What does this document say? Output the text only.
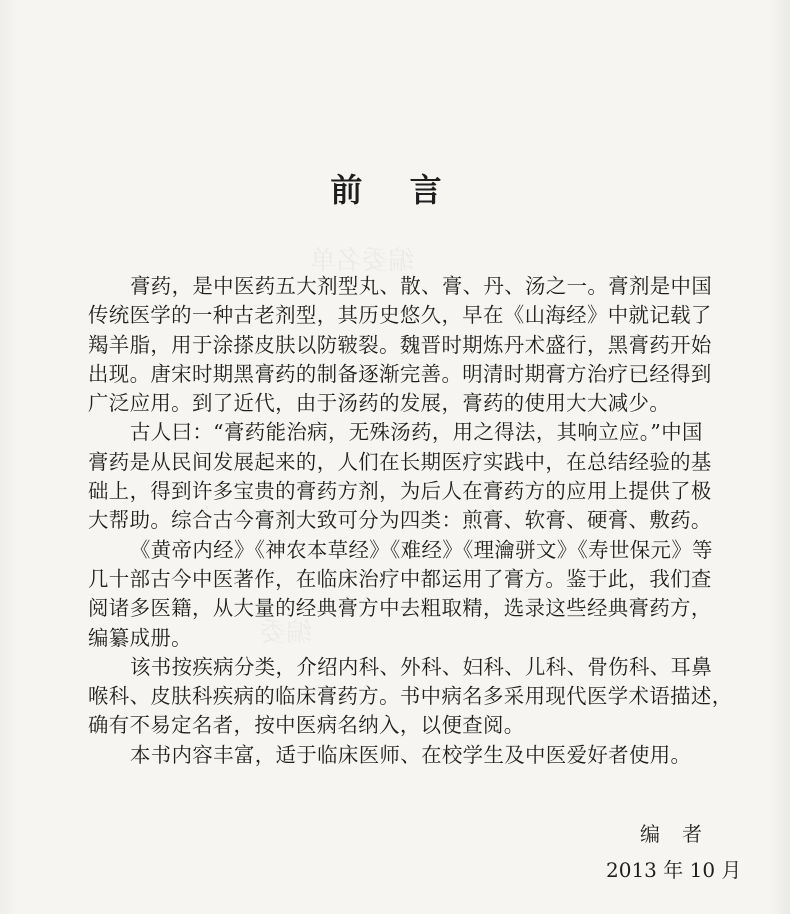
编委名单
编委
前 言
膏药，是中医药五大剂型丸、散、膏、丹、汤之一。膏剂是中国
传统医学的一种古老剂型，其历史悠久，早在《山海经》中就记载了
羯羊脂，用于涂搽皮肤以防皲裂。魏晋时期炼丹术盛行，黑膏药开始
出现。唐宋时期黑膏药的制备逐渐完善。明清时期膏方治疗已经得到
广泛应用。到了近代，由于汤药的发展，膏药的使用大大减少。
古人曰：“膏药能治病，无殊汤药，用之得法，其响立应。”中国
膏药是从民间发展起来的，人们在长期医疗实践中，在总结经验的基
础上，得到许多宝贵的膏药方剂，为后人在膏药方的应用上提供了极
大帮助。综合古今膏剂大致可分为四类：煎膏、软膏、硬膏、敷药。
《黄帝内经》《神农本草经》《难经》《理瀹骈文》《寿世保元》等
几十部古今中医著作，在临床治疗中都运用了膏方。鉴于此，我们查
阅诸多医籍，从大量的经典膏方中去粗取精，选录这些经典膏药方，
编纂成册。
该书按疾病分类，介绍内科、外科、妇科、儿科、骨伤科、耳鼻
喉科、皮肤科疾病的临床膏药方。书中病名多采用现代医学术语描述，
确有不易定名者，按中医病名纳入，以便查阅。
本书内容丰富，适于临床医师、在校学生及中医爱好者使用。
编者
2013 年 10 月
